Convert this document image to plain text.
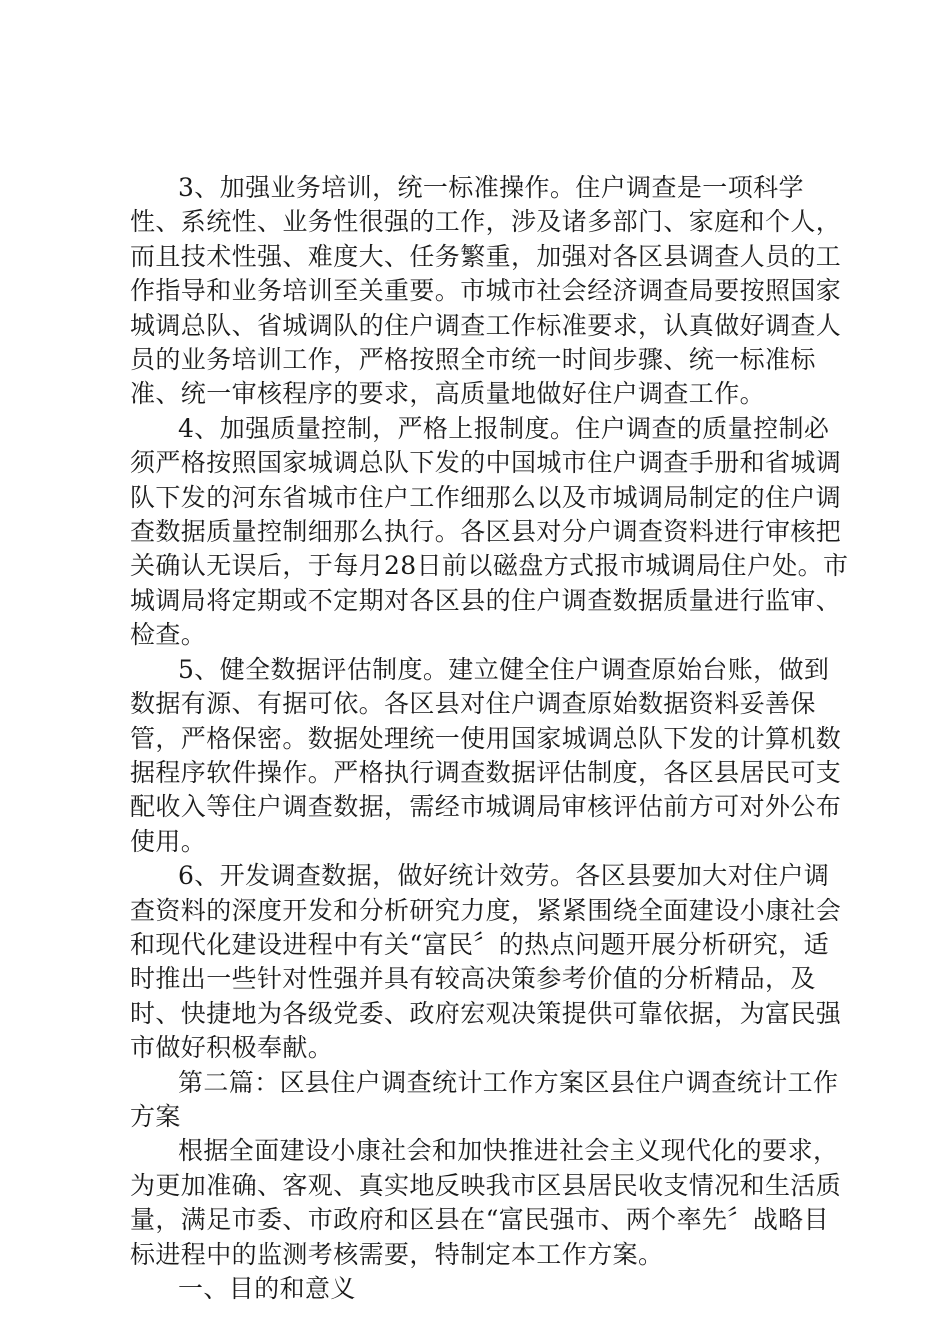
3、加强业务培训，统一标准操作。住户调查是一项科学性、系统性、业务性很强的工作，涉及诸多部门、家庭和个人，而且技术性强、难度大、任务繁重，加强对各区县调查人员的工作指导和业务培训至关重要。市城市社会经济调查局要按照国家城调总队、省城调队的住户调查工作标准要求，认真做好调查人员的业务培训工作，严格按照全市统一时间步骤、统一标准标准、统一审核程序的要求，高质量地做好住户调查工作。

4、加强质量控制，严格上报制度。住户调查的质量控制必须严格按照国家城调总队下发的中国城市住户调查手册和省城调队下发的河东省城市住户工作细那么以及市城调局制定的住户调查数据质量控制细那么执行。各区县对分户调查资料进行审核把关确认无误后，于每月28日前以磁盘方式报市城调局住户处。市城调局将定期或不定期对各区县的住户调查数据质量进行监审、检查。

5、健全数据评估制度。建立健全住户调查原始台账，做到数据有源、有据可依。各区县对住户调查原始数据资料妥善保管，严格保密。数据处理统一使用国家城调总队下发的计算机数据程序软件操作。严格执行调查数据评估制度，各区县居民可支配收入等住户调查数据，需经市城调局审核评估前方可对外公布使用。

6、开发调查数据，做好统计效劳。各区县要加大对住户调查资料的深度开发和分析研究力度，紧紧围绕全面建设小康社会和现代化建设进程中有关“富民〞的热点问题开展分析研究，适时推出一些针对性强并具有较高决策参考价值的分析精品，及时、快捷地为各级党委、政府宏观决策提供可靠依据，为富民强市做好积极奉献。

第二篇：区县住户调查统计工作方案区县住户调查统计工作方案

根据全面建设小康社会和加快推进社会主义现代化的要求，为更加准确、客观、真实地反映我市区县居民收支情况和生活质量，满足市委、市政府和区县在“富民强市、两个率先〞战略目标进程中的监测考核需要，特制定本工作方案。

一、目的和意义
